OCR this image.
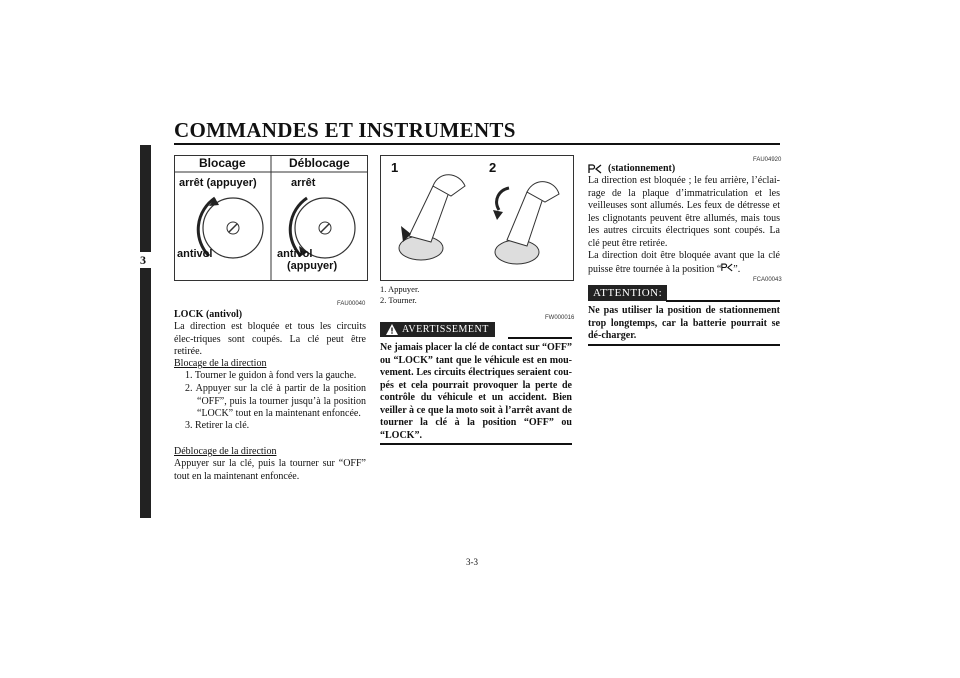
COMMANDES ET INSTRUMENTS
3
Blocage	Déblocage
arrêt (appuyer)
antivol
arrêt
antivol
(appuyer)
1	2
FAU00040
LOCK (antivol)
La direction est bloquée et tous les circuits élec-triques sont coupés. La clé peut être retirée.
Blocage de la direction
1. Tourner le guidon à fond vers la gauche.
2. Appuyer sur la clé à partir de la position “OFF”, puis la tourner jusqu’à la position “LOCK” tout en la maintenant enfoncée.
3. Retirer la clé.
Déblocage de la direction
Appuyer sur la clé, puis la tourner sur “OFF” tout en la maintenant enfoncée.
1. Appuyer.
2. Tourner.
FW000016
AVERTISSEMENT
Ne jamais placer la clé de contact sur “OFF” ou “LOCK” tant que le véhicule est en mou-vement. Les circuits électriques seraient cou-pés et cela pourrait provoquer la perte de contrôle du véhicule et un accident. Bien veiller à ce que la moto soit à l’arrêt avant de tourner la clé à la position “OFF” ou “LOCK”.
FAU04920
(stationnement)
La direction est bloquée ; le feu arrière, l’éclai-rage de la plaque d’immatriculation et les veilleuses sont allumés. Les feux de détresse et les clignotants peuvent être allumés, mais tous les autres circuits électriques sont coupés. La clé peut être retirée.
La direction doit être bloquée avant que la clé puisse être tournée à la position “ ”.
FCA00043
ATTENTION:
Ne pas utiliser la position de stationnement trop longtemps, car la batterie pourrait se dé-charger.
3-3
